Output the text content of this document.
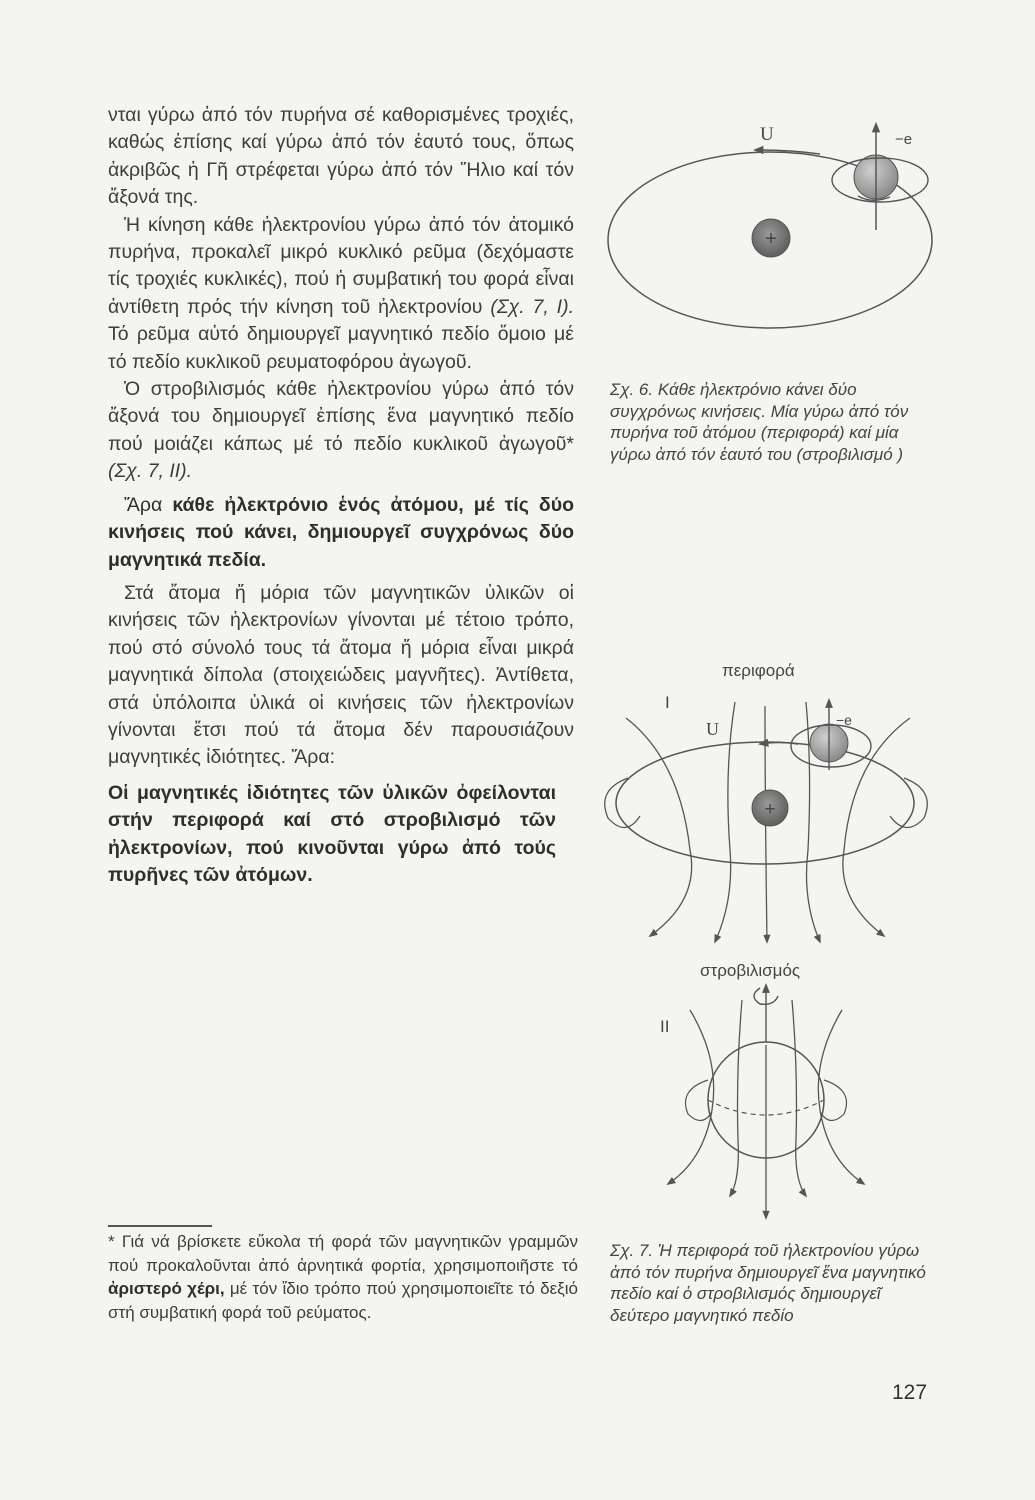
νται γύρω ἀπό τόν πυρήνα σέ καθορισμένες τροχιές, καθώς ἐπίσης καί γύρω ἀπό τόν ἑαυτό τους, ὅπως ἀκριβῶς ἡ Γῆ στρέφεται γύρω ἀπό τόν Ἥλιο καί τόν ἄξονά της.

Ἡ κίνηση κάθε ἠλεκτρονίου γύρω ἀπό τόν ἀτομικό πυρήνα, προκαλεῖ μικρό κυκλικό ρεῦμα (δεχόμαστε τίς τροχιές κυκλικές), πού ἡ συμβατική του φορά εἶναι ἀντίθετη πρός τήν κίνηση τοῦ ἠλεκτρονίου (Σχ. 7, I). Τό ρεῦμα αὐτό δημιουργεῖ μαγνητικό πεδίο ὅμοιο μέ τό πεδίο κυκλικοῦ ρευματοφόρου ἀγωγοῦ.

Ὁ στροβιλισμός κάθε ἠλεκτρονίου γύρω ἀπό τόν ἄξονά του δημιουργεῖ ἐπίσης ἕνα μαγνητικό πεδίο πού μοιάζει κάπως μέ τό πεδίο κυκλικοῦ ἀγωγοῦ* (Σχ. 7, II).

Ἄρα κάθε ἠλεκτρόνιο ἑνός ἀτόμου, μέ τίς δύο κινήσεις πού κάνει, δημιουργεῖ συγχρόνως δύο μαγνητικά πεδία.

Στά ἄτομα ἤ μόρια τῶν μαγνητικῶν ὑλικῶν οἱ κινήσεις τῶν ἠλεκτρονίων γίνονται μέ τέτοιο τρόπο, πού στό σύνολό τους τά ἄτομα ἤ μόρια εἶναι μικρά μαγνητικά δίπολα (στοιχειώδεις μαγνῆτες). Ἀντίθετα, στά ὑπόλοιπα ὑλικά οἱ κινήσεις τῶν ἠλεκτρονίων γίνονται ἔτσι πού τά ἄτομα δέν παρουσιάζουν μαγνητικές ἰδιότητες. Ἄρα:

Οἱ μαγνητικές ἰδιότητες τῶν ὑλικῶν ὀφείλονται στήν περιφορά καί στό στροβιλισμό τῶν ἠλεκτρονίων, πού κινοῦνται γύρω ἀπό τούς πυρῆνες τῶν ἀτόμων.

* Γιά νά βρίσκετε εὔκολα τή φορά τῶν μαγνητικῶν γραμμῶν πού προκαλοῦνται ἀπό ἀρνητικά φορτία, χρησιμοποιῆστε τό ἀριστερό χέρι, μέ τόν ἴδιο τρόπο πού χρησιμοποιεῖτε τό δεξιό στή συμβατική φορά τοῦ ρεύματος.
+
U	−e
περιφορά
I
+
U	−e
στροβιλισμός
II
Σχ. 6. Κάθε ἠλεκτρόνιο κάνει δύο συγχρόνως κινήσεις. Μία γύρω ἀπό τόν πυρήνα τοῦ ἀτόμου (περιφορά) καί μία γύρω ἀπό τόν ἑαυτό του (στροβιλισμό )
Σχ. 7. Ἡ περιφορά τοῦ ἠλεκτρονίου γύρω ἀπό τόν πυρήνα δημιουργεῖ ἕνα μαγνητικό πεδίο καί ὁ στροβιλισμός δημιουργεῖ δεύτερο μαγνητικό πεδίο
127
